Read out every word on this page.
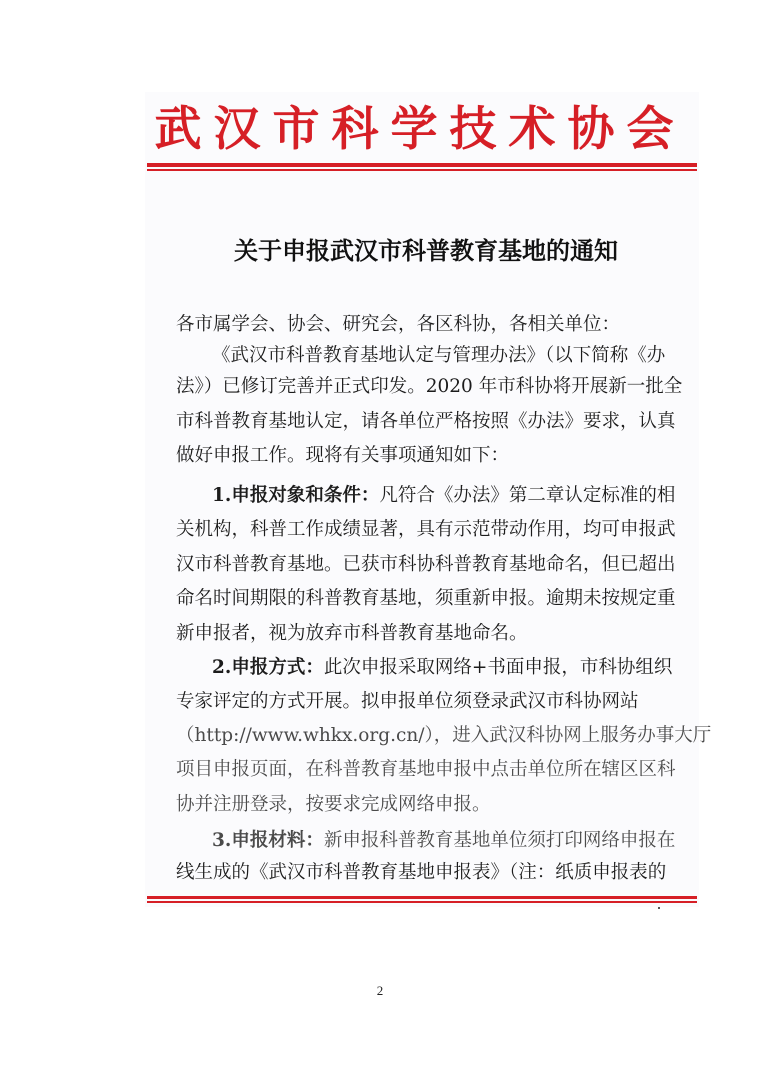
武汉市科学技术协会
关于申报武汉市科普教育基地的通知
各市属学会、协会、研究会，各区科协，各相关单位：
《武汉市科普教育基地认定与管理办法》（以下简称《办
法》）已修订完善并正式印发。2020 年市科协将开展新一批全
市科普教育基地认定，请各单位严格按照《办法》要求，认真
做好申报工作。现将有关事项通知如下：
1.申报对象和条件：凡符合《办法》第二章认定标准的相
关机构，科普工作成绩显著，具有示范带动作用，均可申报武
汉市科普教育基地。已获市科协科普教育基地命名，但已超出
命名时间期限的科普教育基地，须重新申报。逾期未按规定重
新申报者，视为放弃市科普教育基地命名。
2.申报方式：此次申报采取网络+书面申报，市科协组织
专家评定的方式开展。拟申报单位须登录武汉市科协网站
（http://www.whkx.org.cn/），进入武汉科协网上服务办事大厅
项目申报页面，在科普教育基地申报中点击单位所在辖区区科
协并注册登录，按要求完成网络申报。
3.申报材料：新申报科普教育基地单位须打印网络申报在
线生成的《武汉市科普教育基地申报表》（注：纸质申报表的
2
